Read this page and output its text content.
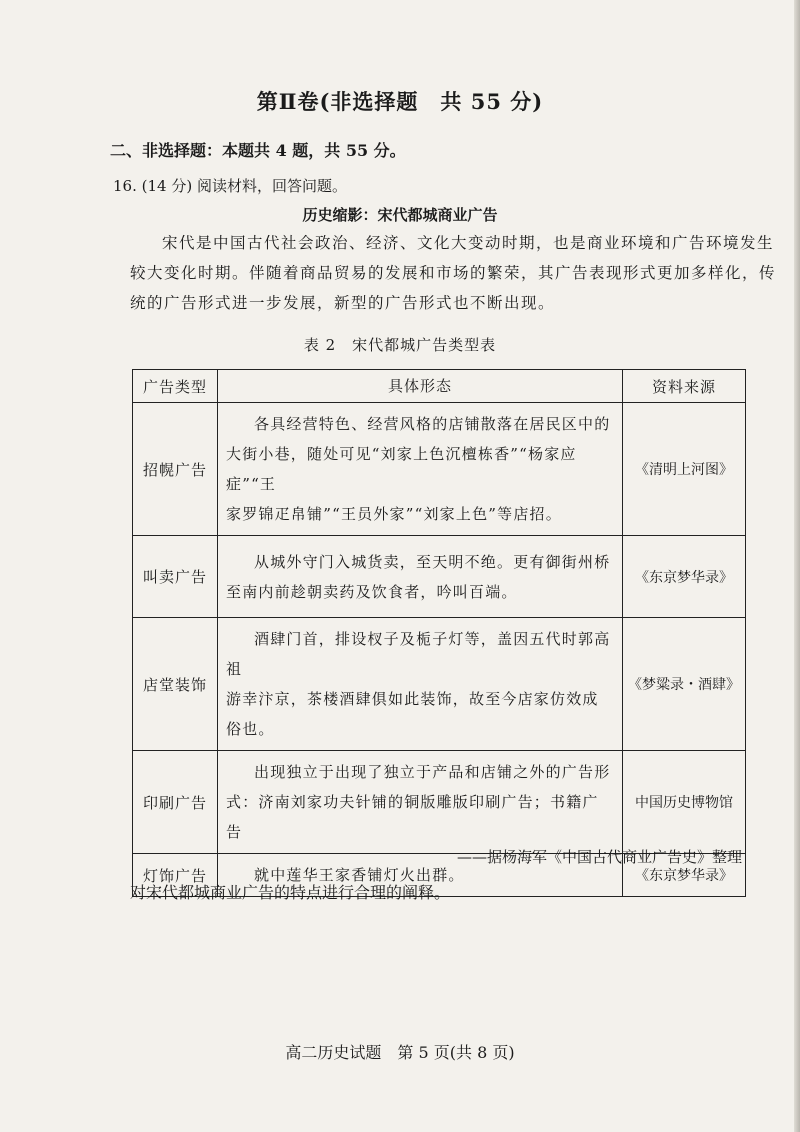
第Ⅱ卷(非选择题　共 55 分)
二、非选择题：本题共 4 题，共 55 分。
16. (14 分) 阅读材料，回答问题。
历史缩影：宋代都城商业广告
宋代是中国古代社会政治、经济、文化大变动时期，也是商业环境和广告环境发生
较大变化时期。伴随着商品贸易的发展和市场的繁荣，其广告表现形式更加多样化，传
统的广告形式进一步发展，新型的广告形式也不断出现。
表 2　宋代都城广告类型表
广告类型	具体形态	资料来源
招幌广告	各具经营特色、经营风格的店铺散落在居民区中的
大街小巷，随处可见“刘家上色沉檀栋香”“杨家应症”“王
家罗锦疋帛铺”“王员外家”“刘家上色”等店招。	《清明上河图》
叫卖广告	从城外守门入城货卖，至天明不绝。更有御街州桥
至南内前趁朝卖药及饮食者，吟叫百端。	《东京梦华录》
店堂装饰	酒肆门首，排设杈子及栀子灯等，盖因五代时郭高祖
游幸汴京，茶楼酒肆俱如此装饰，故至今店家仿效成
俗也。	《梦粱录・酒肆》
印刷广告	出现独立于出现了独立于产品和店铺之外的广告形
式：济南刘家功夫针铺的铜版雕版印刷广告；书籍广告	中国历史博物馆
灯饰广告	就中莲华王家香铺灯火出群。	《东京梦华录》
——据杨海军《中国古代商业广告史》整理
对宋代都城商业广告的特点进行合理的阐释。
高二历史试题　第 5 页(共 8 页)
